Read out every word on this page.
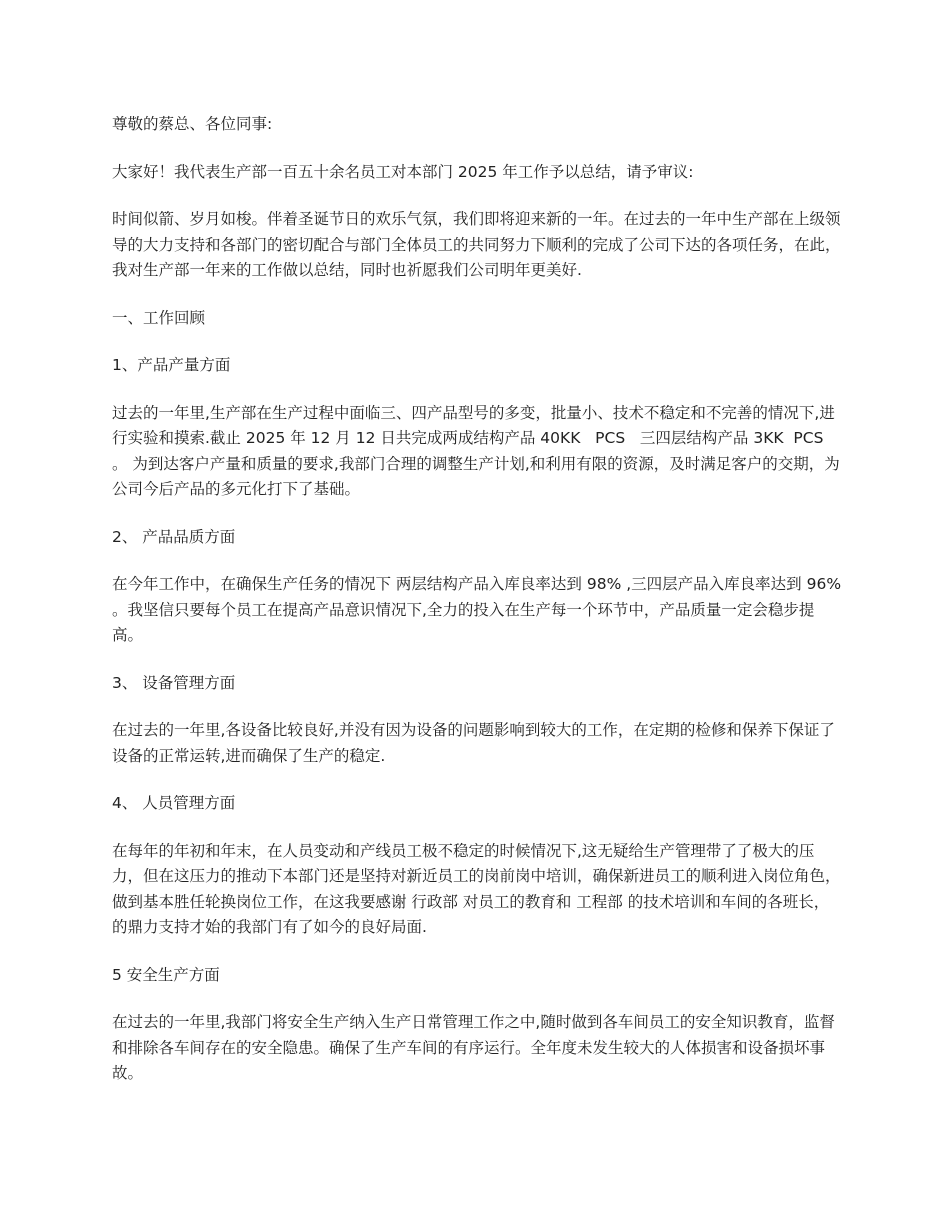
尊敬的蔡总、各位同事:

大家好！我代表生产部一百五十余名员工对本部门 2025 年工作予以总结，请予审议:

时间似箭、岁月如梭。伴着圣诞节日的欢乐气氛，我们即将迎来新的一年。在过去的一年中生产部在上级领导的大力支持和各部门的密切配合与部门全体员工的共同努力下顺利的完成了公司下达的各项任务，在此，我对生产部一年来的工作做以总结，同时也祈愿我们公司明年更美好.

一、工作回顾

1、产品产量方面

过去的一年里,生产部在生产过程中面临三、四产品型号的多变，批量小、技术不稳定和不完善的情况下,进行实验和摸索.截止 2025 年 12 月 12 日共完成两成结构产品 40KK   PCS   三四层结构产品 3KK  PCS      。 为到达客户产量和质量的要求,我部门合理的调整生产计划,和利用有限的资源，及时满足客户的交期，为公司今后产品的多元化打下了基础。

2、 产品品质方面

在今年工作中，在确保生产任务的情况下 两层结构产品入库良率达到 98% ,三四层产品入库良率达到 96% 。我坚信只要每个员工在提高产品意识情况下,全力的投入在生产每一个环节中，产品质量一定会稳步提高。

3、 设备管理方面

在过去的一年里,各设备比较良好,并没有因为设备的问题影响到较大的工作，在定期的检修和保养下保证了设备的正常运转,进而确保了生产的稳定.

4、 人员管理方面

在每年的年初和年末，在人员变动和产线员工极不稳定的时候情况下,这无疑给生产管理带了了极大的压力，但在这压力的推动下本部门还是坚持对新近员工的岗前岗中培训，确保新进员工的顺利进入岗位角色，做到基本胜任轮换岗位工作，在这我要感谢 行政部 对员工的教育和 工程部 的技术培训和车间的各班长，的鼎力支持才始的我部门有了如今的良好局面.

5 安全生产方面

在过去的一年里,我部门将安全生产纳入生产日常管理工作之中,随时做到各车间员工的安全知识教育，监督和排除各车间存在的安全隐患。确保了生产车间的有序运行。全年度未发生较大的人体损害和设备损坏事故。
